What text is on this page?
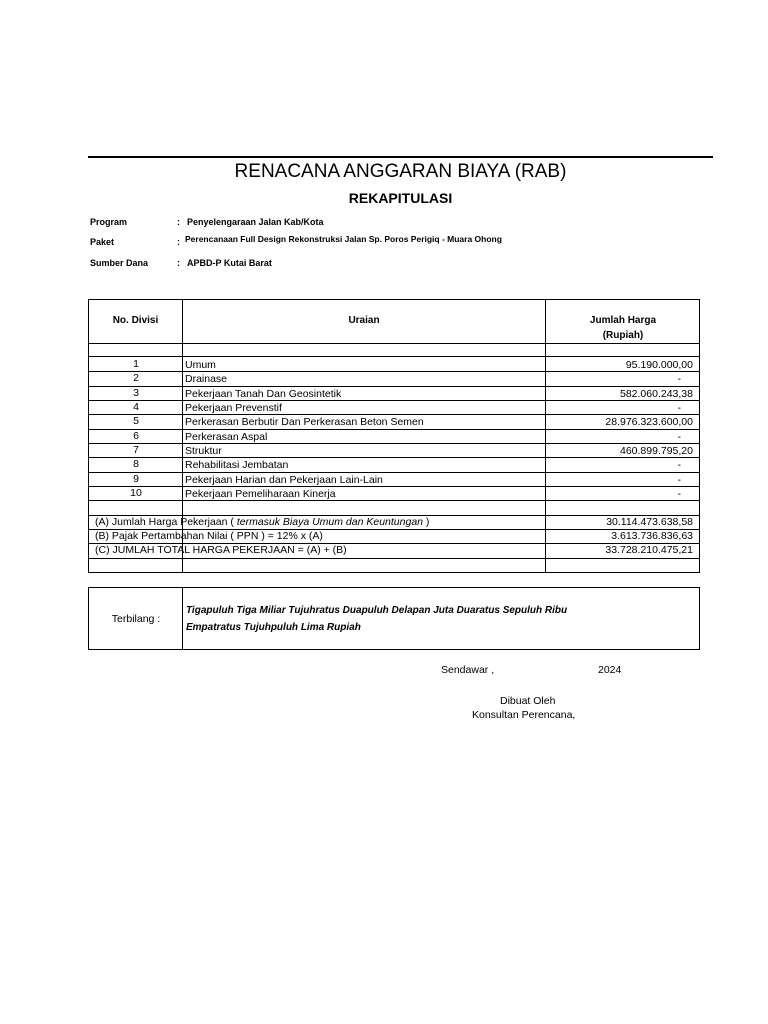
RENACANA ANGGARAN BIAYA (RAB)
REKAPITULASI
Program	: Penyelengaraan Jalan Kab/Kota
Paket	: Perencanaan Full Design Rekonstruksi Jalan Sp. Poros Perigiq - Muara Ohong
Sumber Dana	: APBD-P Kutai Barat
No. Divisi	Uraian	Jumlah Harga
(Rupiah)
1	Umum	95.190.000,00
2	Drainase	-
3	Pekerjaan Tanah Dan Geosintetik	582.060.243,38
4	Pekerjaan Prevenstif	-
5	Perkerasan Berbutir Dan Perkerasan Beton Semen	28.976.323.600,00
6	Perkerasan Aspal	-
7	Struktur	460.899.795,20
8	Rehabilitasi Jembatan	-
9	Pekerjaan Harian dan Pekerjaan Lain-Lain	-
10	Pekerjaan Pemeliharaan Kinerja	-
(A) Jumlah Harga Pekerjaan ( termasuk Biaya Umum dan Keuntungan )	30.114.473.638,58
(B) Pajak Pertambahan Nilai ( PPN ) = 12% x (A)	3.613.736.836,63
(C) JUMLAH TOTAL HARGA PEKERJAAN = (A) + (B)	33.728.210.475,21
Terbilang :
Tigapuluh Tiga Miliar Tujuhratus Duapuluh Delapan Juta Duaratus Sepuluh Ribu
Empatratus Tujuhpuluh Lima Rupiah
Sendawar ,	2024
Dibuat Oleh
Konsultan Perencana,
